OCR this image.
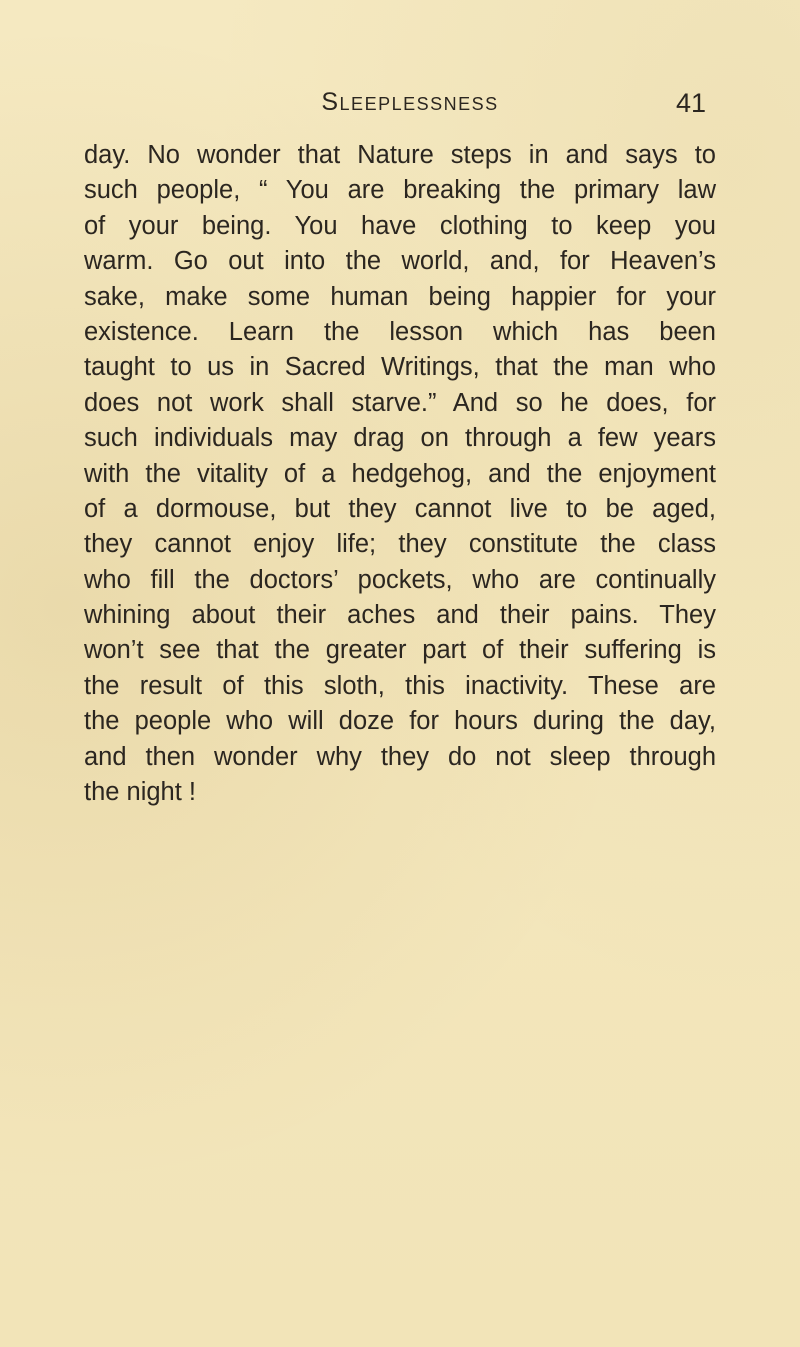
Sleeplessness	41
day. No wonder that Nature steps in and says to
such people, “ You are breaking the primary law
of your being. You have clothing to keep you
warm. Go out into the world, and, for Heaven’s
sake, make some human being happier for your
existence. Learn the lesson which has been
taught to us in Sacred Writings, that the man who
does not work shall starve.” And so he does, for
such individuals may drag on through a few years
with the vitality of a hedgehog, and the enjoyment
of a dormouse, but they cannot live to be aged,
they cannot enjoy life; they constitute the class
who fill the doctors’ pockets, who are continually
whining about their aches and their pains. They
won’t see that the greater part of their suffering is
the result of this sloth, this inactivity. These are
the people who will doze for hours during the day,
and then wonder why they do not sleep through
the night !
